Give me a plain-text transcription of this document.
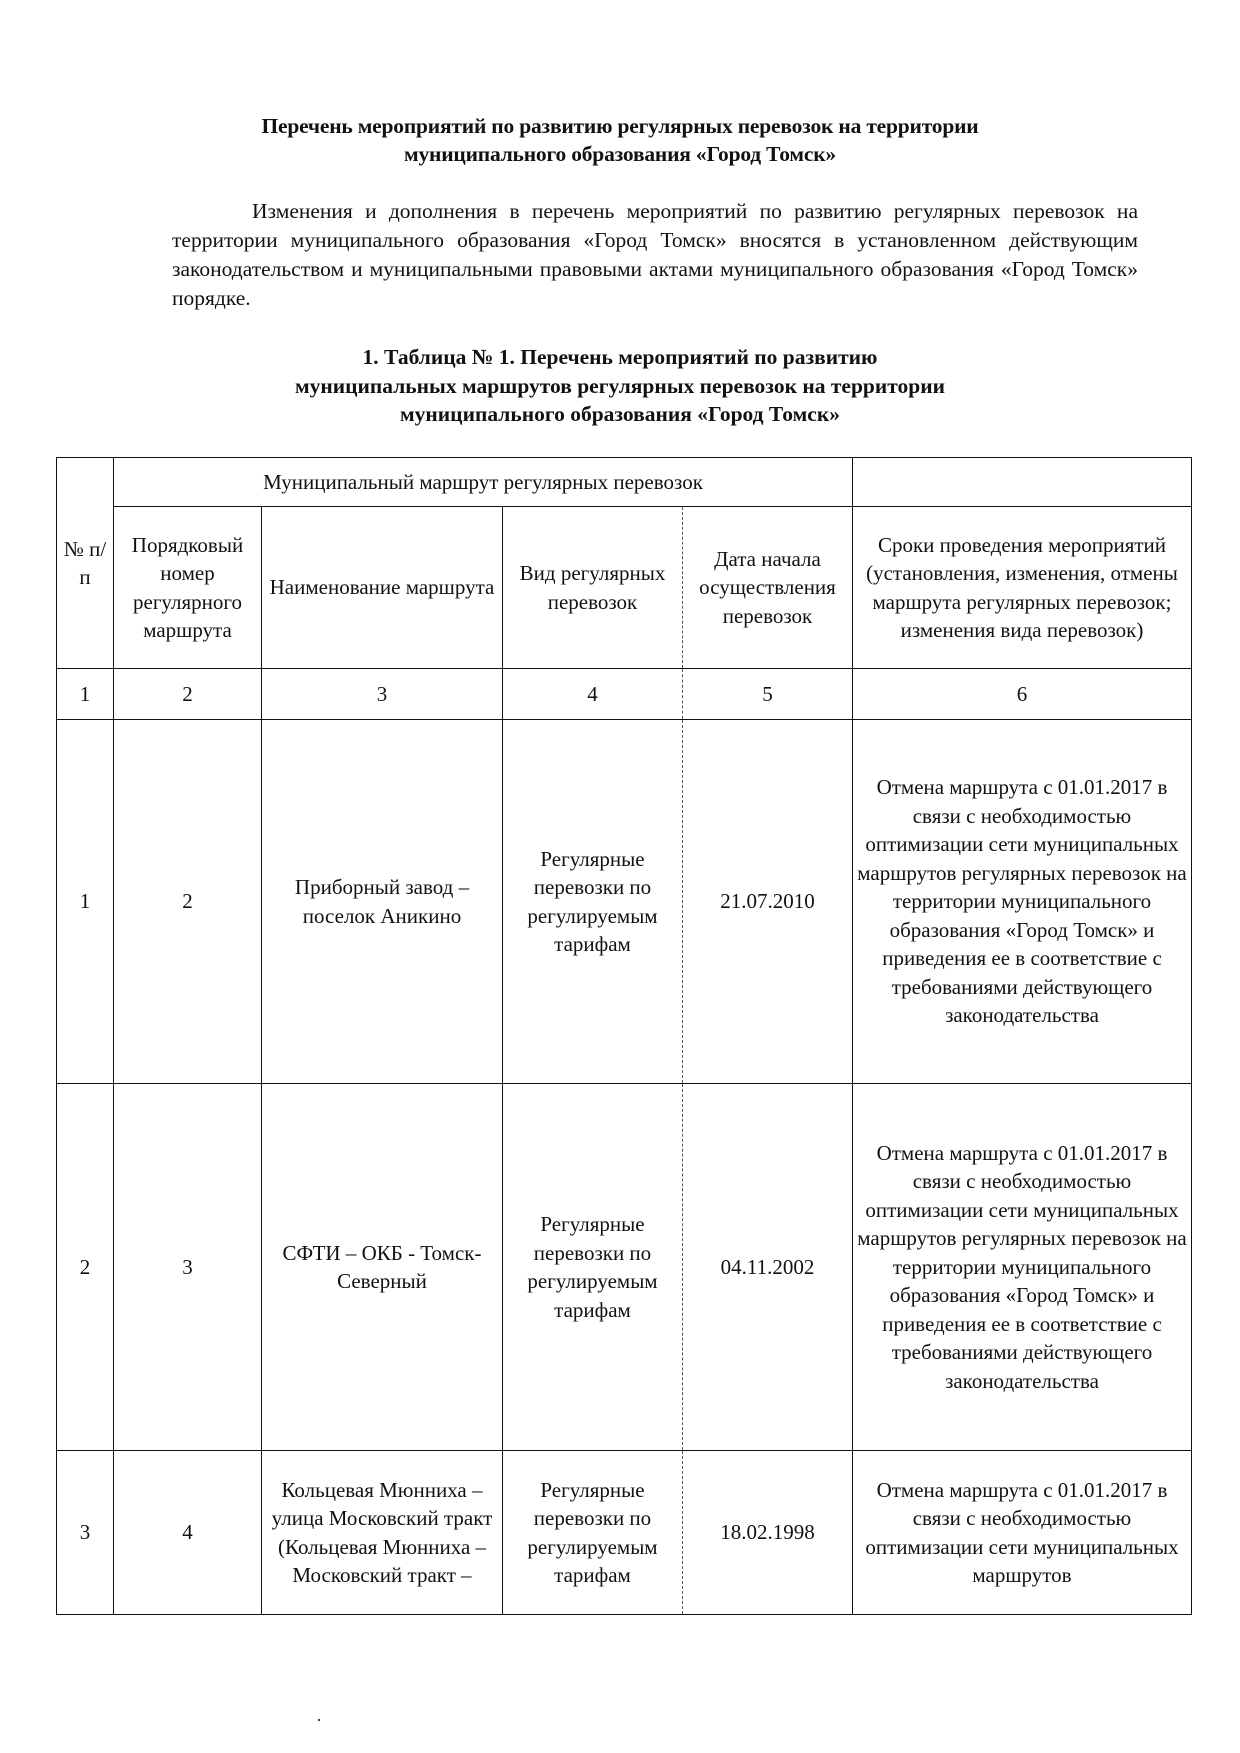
Перечень мероприятий по развитию регулярных перевозок на территории
муниципального образования «Город Томск»

Изменения и дополнения в перечень мероприятий по развитию регулярных перевозок на территории муниципального образования «Город Томск» вносятся в установленном действующим законодательством и муниципальными правовыми актами муниципального образования «Город Томск» порядке.

1. Таблица № 1. Перечень мероприятий по развитию
муниципальных маршрутов регулярных перевозок на территории
муниципального образования «Город Томск»
№ п/п	Муниципальный маршрут регулярных перевозок				
	Порядковый номер регулярного маршрута	Наименование маршрута	Вид регулярных перевозок	Дата начала осуществления перевозок	Сроки проведения мероприятий (установления, изменения, отмены маршрута регулярных перевозок; изменения вида перевозок)
1	2	3	4	5	6
1	2	Приборный завод – поселок Аникино	Регулярные перевозки по регулируемым тарифам	21.07.2010	Отмена маршрута с 01.01.2017 в связи с необходимостью оптимизации сети муниципальных маршрутов регулярных перевозок на территории муниципального образования «Город Томск» и приведения ее в соответствие с требованиями действующего законодательства
2	3	СФТИ – ОКБ - Томск-Северный	Регулярные перевозки по регулируемым тарифам	04.11.2002	Отмена маршрута с 01.01.2017 в связи с необходимостью оптимизации сети муниципальных маршрутов регулярных перевозок на территории муниципального образования «Город Томск» и приведения ее в соответствие с требованиями действующего законодательства
3	4	Кольцевая Мюнниха – улица Московский тракт (Кольцевая Мюнниха – Московский тракт –	Регулярные перевозки по регулируемым тарифам	18.02.1998	Отмена маршрута с 01.01.2017 в связи с необходимостью оптимизации сети муниципальных маршрутов
